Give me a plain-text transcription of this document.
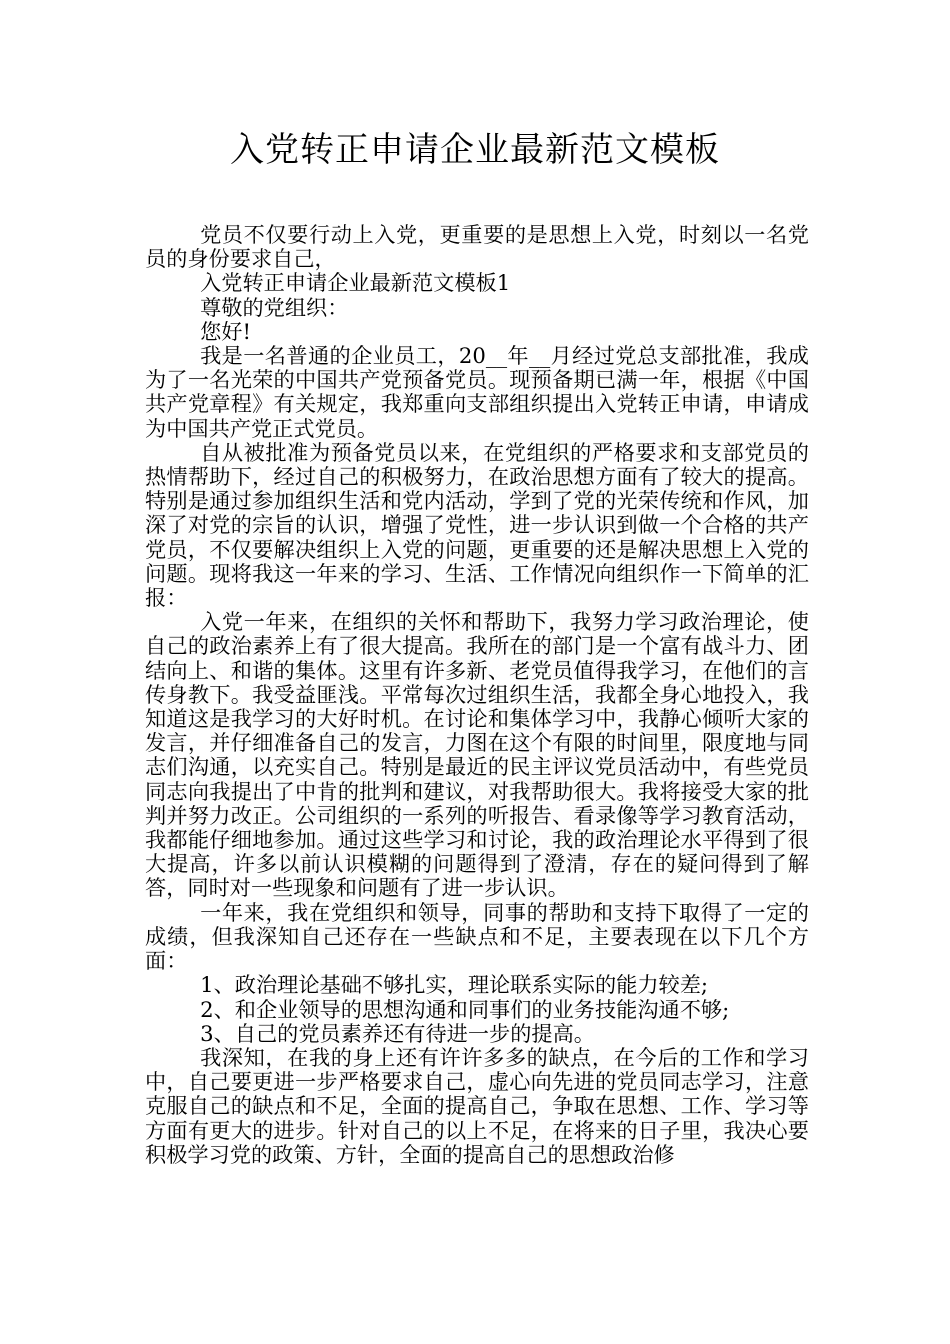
入党转正申请企业最新范文模板

党员不仅要行动上入党，更重要的是思想上入党，时刻以一名党员的身份要求自己，

入党转正申请企业最新范文模板1

尊敬的党组织：

您好!

我是一名普通的企业员工，20__年__月经过党总支部批准，我成为了一名光荣的中国共产党预备党员。现预备期已满一年，根据《中国共产党章程》有关规定，我郑重向支部组织提出入党转正申请，申请成为中国共产党正式党员。

自从被批准为预备党员以来，在党组织的严格要求和支部党员的热情帮助下，经过自己的积极努力，在政治思想方面有了较大的提高。特别是通过参加组织生活和党内活动，学到了党的光荣传统和作风，加深了对党的宗旨的认识，增强了党性，进一步认识到做一个合格的共产党员，不仅要解决组织上入党的问题，更重要的还是解决思想上入党的问题。现将我这一年来的学习、生活、工作情况向组织作一下简单的汇报：

入党一年来，在组织的关怀和帮助下，我努力学习政治理论，使自己的政治素养上有了很大提高。我所在的部门是一个富有战斗力、团结向上、和谐的集体。这里有许多新、老党员值得我学习，在他们的言传身教下。我受益匪浅。平常每次过组织生活，我都全身心地投入，我知道这是我学习的大好时机。在讨论和集体学习中，我静心倾听大家的发言，并仔细准备自己的发言，力图在这个有限的时间里，限度地与同志们沟通，以充实自己。特别是最近的民主评议党员活动中，有些党员同志向我提出了中肯的批判和建议，对我帮助很大。我将接受大家的批判并努力改正。公司组织的一系列的听报告、看录像等学习教育活动，我都能仔细地参加。通过这些学习和讨论，我的政治理论水平得到了很大提高，许多以前认识模糊的问题得到了澄清，存在的疑问得到了解答，同时对一些现象和问题有了进一步认识。

一年来，我在党组织和领导，同事的帮助和支持下取得了一定的成绩，但我深知自己还存在一些缺点和不足，主要表现在以下几个方面：

1、政治理论基础不够扎实，理论联系实际的能力较差;

2、和企业领导的思想沟通和同事们的业务技能沟通不够;

3、自己的党员素养还有待进一步的提高。

我深知，在我的身上还有许许多多的缺点，在今后的工作和学习中，自己要更进一步严格要求自己，虚心向先进的党员同志学习，注意克服自己的缺点和不足，全面的提高自己，争取在思想、工作、学习等方面有更大的进步。针对自己的以上不足，在将来的日子里，我决心要积极学习党的政策、方针，全面的提高自己的思想政治修
